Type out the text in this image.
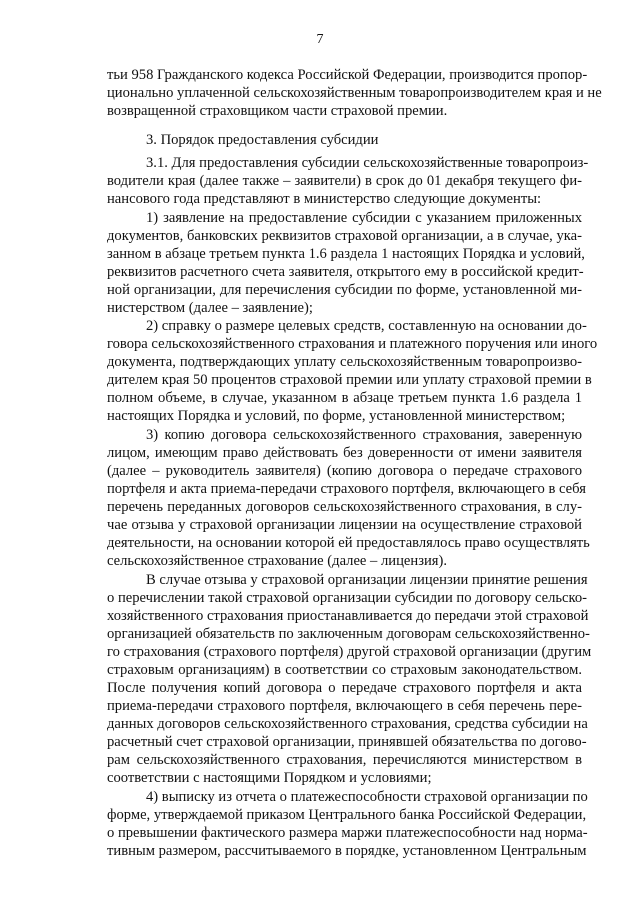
7
тьи 958 Гражданского кодекса Российской Федерации, производится пропор-
ционально уплаченной сельскохозяйственным товаропроизводителем края и не
возвращенной страховщиком части страховой премии.
3. Порядок предоставления субсидии
3.1. Для предоставления субсидии сельскохозяйственные товаропроиз-
водители края (далее также – заявители) в срок до 01 декабря текущего фи-
нансового года представляют в министерство следующие документы:
1) заявление на предоставление субсидии с указанием приложенных
документов, банковских реквизитов страховой организации, а в случае, ука-
занном в абзаце третьем пункта 1.6 раздела 1 настоящих Порядка и условий,
реквизитов расчетного счета заявителя, открытого ему в российской кредит-
ной организации, для перечисления субсидии по форме, установленной ми-
нистерством (далее – заявление);
2) справку о размере целевых средств, составленную на основании до-
говора сельскохозяйственного страхования и платежного поручения или иного
документа, подтверждающих уплату сельскохозяйственным товаропроизво-
дителем края 50 процентов страховой премии или уплату страховой премии в
полном объеме, в случае, указанном в абзаце третьем пункта 1.6 раздела 1
настоящих Порядка и условий, по форме, установленной министерством;
3) копию договора сельскохозяйственного страхования, заверенную
лицом, имеющим право действовать без доверенности от имени заявителя
(далее – руководитель заявителя) (копию договора о передаче страхового
портфеля и акта приема-передачи страхового портфеля, включающего в себя
перечень переданных договоров сельскохозяйственного страхования, в слу-
чае отзыва у страховой организации лицензии на осуществление страховой
деятельности, на основании которой ей предоставлялось право осуществлять
сельскохозяйственное страхование (далее – лицензия).
В случае отзыва у страховой организации лицензии принятие решения
о перечислении такой страховой организации субсидии по договору сельско-
хозяйственного страхования приостанавливается до передачи этой страховой
организацией обязательств по заключенным договорам сельскохозяйственно-
го страхования (страхового портфеля) другой страховой организации (другим
страховым организациям) в соответствии со страховым законодательством.
После получения копий договора о передаче страхового портфеля и акта
приема-передачи страхового портфеля, включающего в себя перечень пере-
данных договоров сельскохозяйственного страхования, средства субсидии на
расчетный счет страховой организации, принявшей обязательства по догово-
рам сельскохозяйственного страхования, перечисляются министерством в
соответствии с настоящими Порядком и условиями;
4) выписку из отчета о платежеспособности страховой организации по
форме, утверждаемой приказом Центрального банка Российской Федерации,
о превышении фактического размера маржи платежеспособности над норма-
тивным размером, рассчитываемого в порядке, установленном Центральным
